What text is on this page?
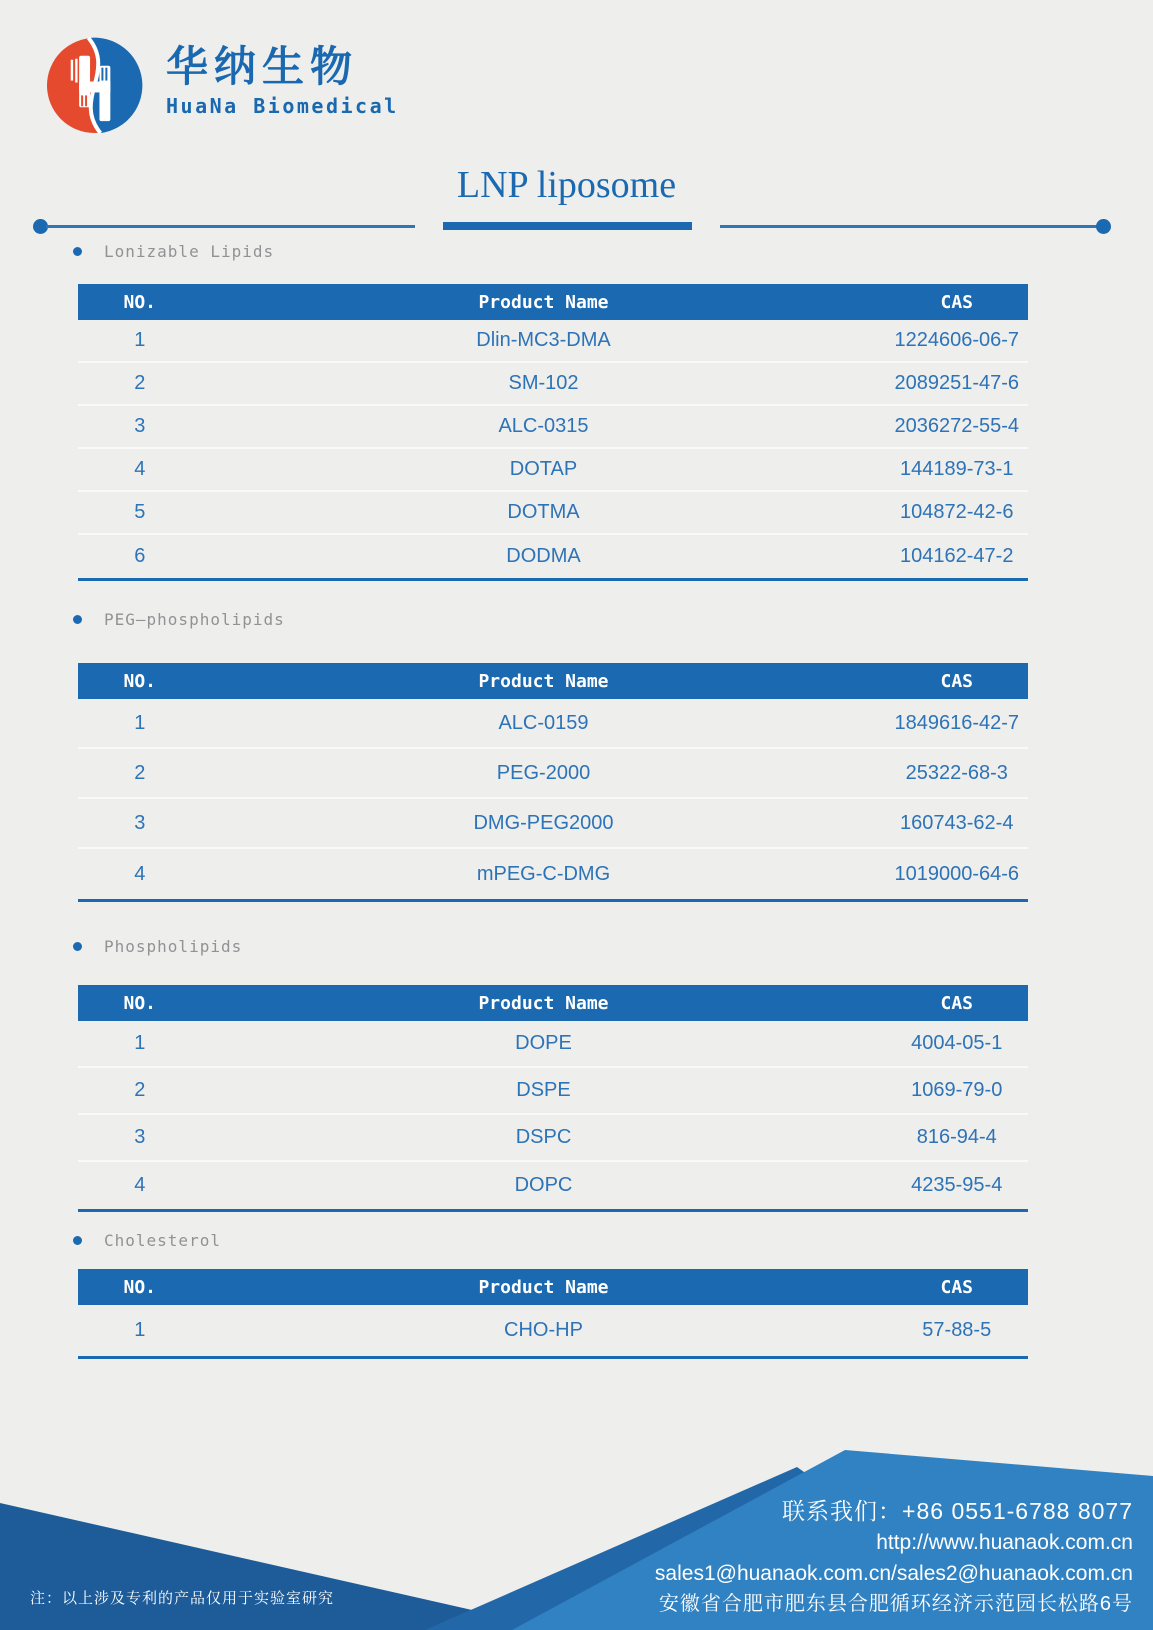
华纳生物
HuaNa Biomedical
LNP liposome
Lonizable Lipids
NO.	Product Name	CAS
1	Dlin-MC3-DMA	1224606-06-7
2	SM-102	2089251-47-6
3	ALC-0315	2036272-55-4
4	DOTAP	144189-73-1
5	DOTMA	104872-42-6
6	DODMA	104162-47-2
PEG—phospholipids
NO.	Product Name	CAS
1	ALC-0159	1849616-42-7
2	PEG-2000	25322-68-3
3	DMG-PEG2000	160743-62-4
4	mPEG-C-DMG	1019000-64-6
Phospholipids
NO.	Product Name	CAS
1	DOPE	4004-05-1
2	DSPE	1069-79-0
3	DSPC	816-94-4
4	DOPC	4235-95-4
Cholesterol
NO.	Product Name	CAS
1	CHO-HP	57-88-5
注：以上涉及专利的产品仅用于实验室研究
联系我们：+86 0551-6788 8077
http://www.huanaok.com.cn
sales1@huanaok.com.cn/sales2@huanaok.com.cn
安徽省合肥市肥东县合肥循环经济示范园长松路6号
